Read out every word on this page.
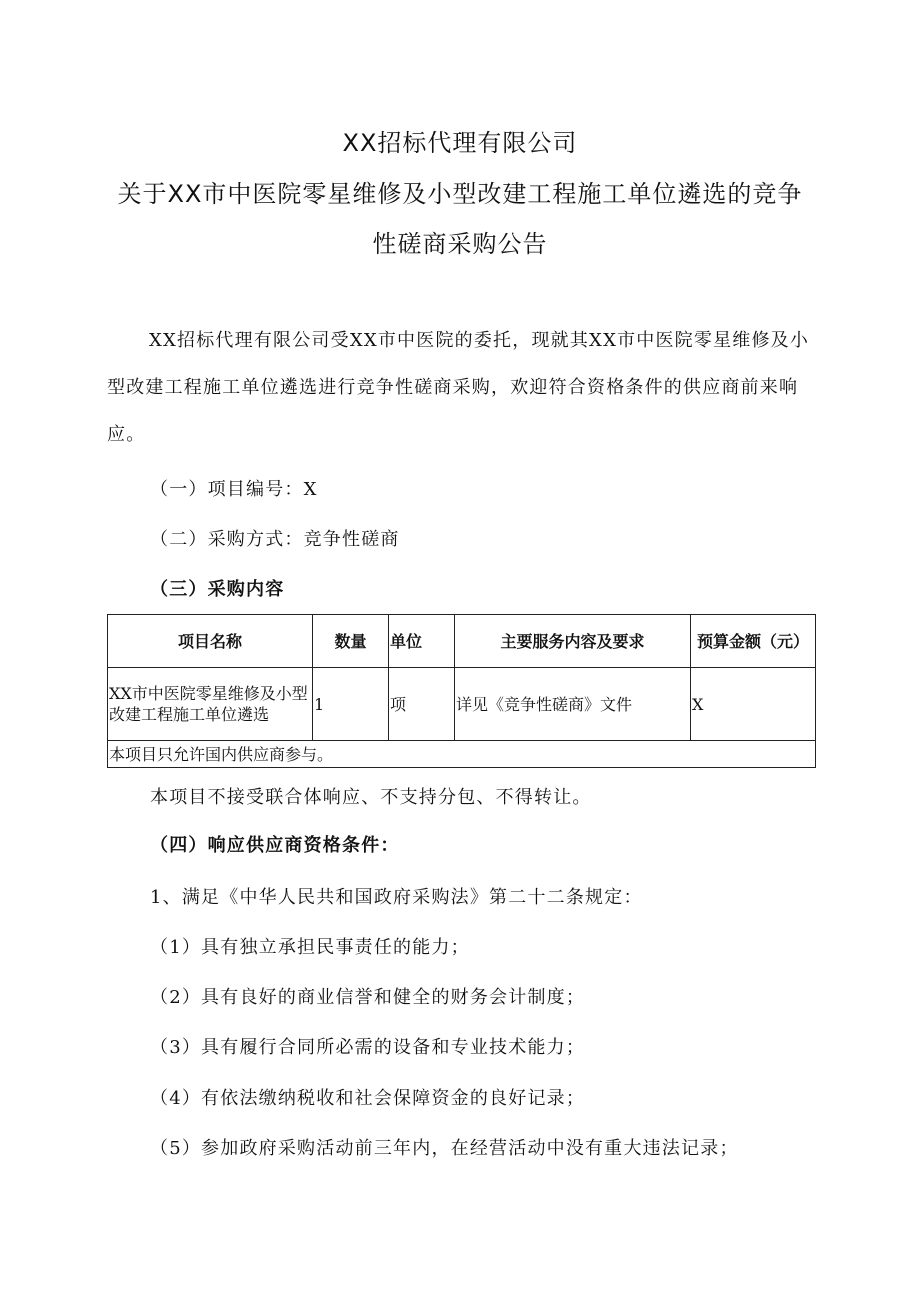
XX招标代理有限公司
关于XX市中医院零星维修及小型改建工程施工单位遴选的竞争
性磋商采购公告
XX招标代理有限公司受XX市中医院的委托，现就其XX市中医院零星维修及小型改建工程施工单位遴选进行竞争性磋商采购，欢迎符合资格条件的供应商前来响应。
（一）项目编号：X
（二）采购方式：竞争性磋商
（三）采购内容
项目名称	数量	单位	主要服务内容及要求	预算金额（元）
XX市中医院零星维修及小型改建工程施工单位遴选	1	项	详见《竞争性磋商》文件	X
本项目只允许国内供应商参与。				
本项目不接受联合体响应、不支持分包、不得转让。
（四）响应供应商资格条件：
1、满足《中华人民共和国政府采购法》第二十二条规定：
（1）具有独立承担民事责任的能力；
（2）具有良好的商业信誉和健全的财务会计制度；
（3）具有履行合同所必需的设备和专业技术能力；
（4）有依法缴纳税收和社会保障资金的良好记录；
（5）参加政府采购活动前三年内，在经营活动中没有重大违法记录；
